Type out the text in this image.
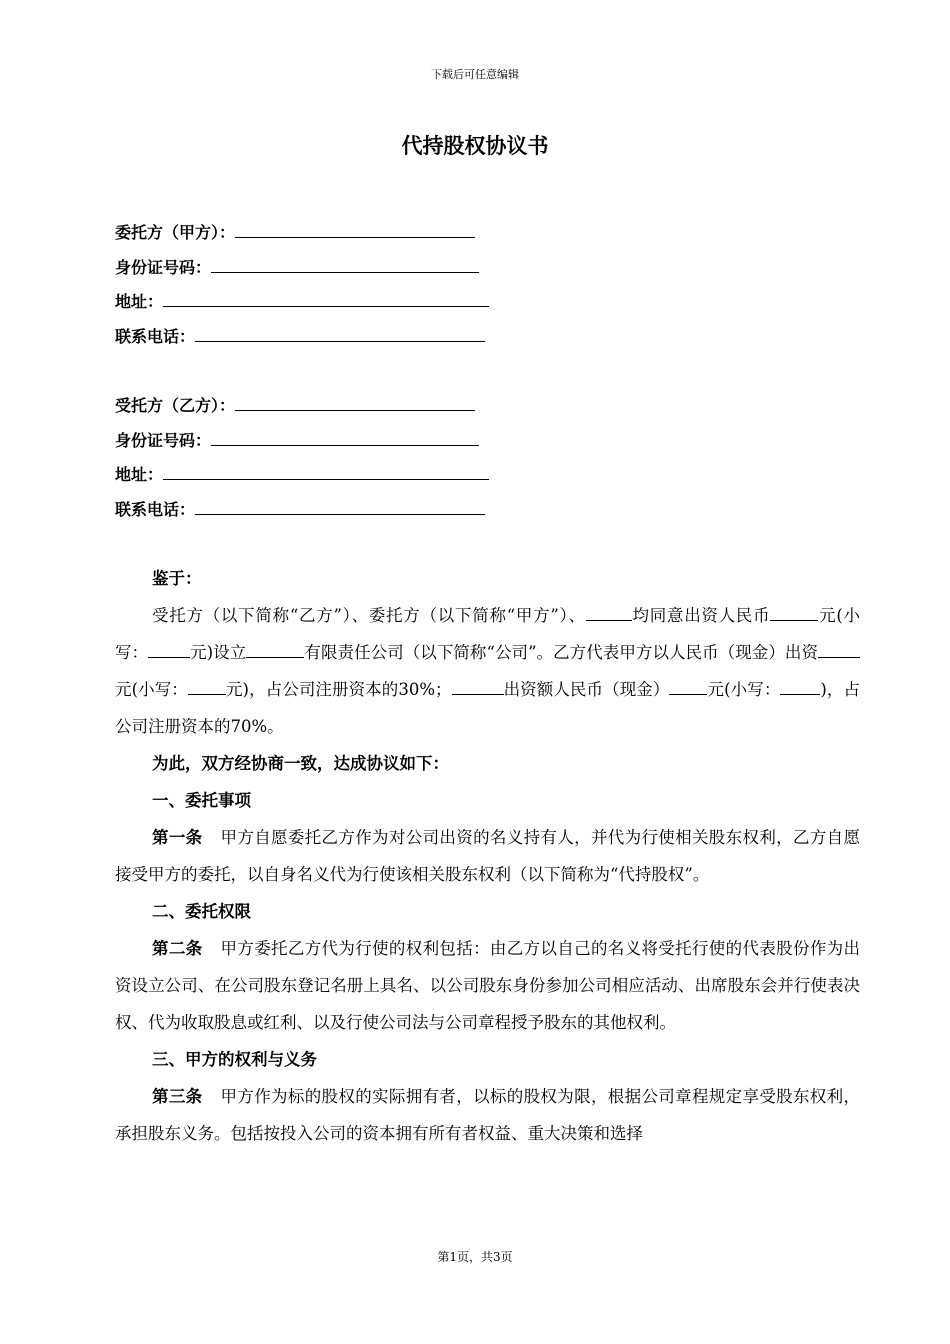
下载后可任意编辑
代持股权协议书
委托方（甲方）：
身份证号码：
地址：
联系电话：
受托方（乙方）：
身份证号码：
地址：
联系电话：

鉴于：

受托方（以下简称“乙方”）、委托方（以下简称“甲方”）、	均同意出资人民币	元(小写：	元)设立	有限责任公司（以下简称“公司”。乙方代表甲方以人民币（现金）出资元(小写： 元)，占公司注册资本的30%；	出资额人民币（现金） 元(小写： )，占公司注册资本的70%。

为此，双方经协商一致，达成协议如下：

一、委托事项

第一条 甲方自愿委托乙方作为对公司出资的名义持有人，并代为行使相关股东权利，乙方自愿接受甲方的委托，以自身名义代为行使该相关股东权利（以下简称为“代持股权”。

二、委托权限

第二条 甲方委托乙方代为行使的权利包括：由乙方以自己的名义将受托行使的代表股份作为出资设立公司、在公司股东登记名册上具名、以公司股东身份参加公司相应活动、出席股东会并行使表决权、代为收取股息或红利、以及行使公司法与公司章程授予股东的其他权利。

三、甲方的权利与义务

第三条 甲方作为标的股权的实际拥有者，以标的股权为限，根据公司章程规定享受股东权利，承担股东义务。包括按投入公司的资本拥有所有者权益、重大决策和选择

第1页，共3页
